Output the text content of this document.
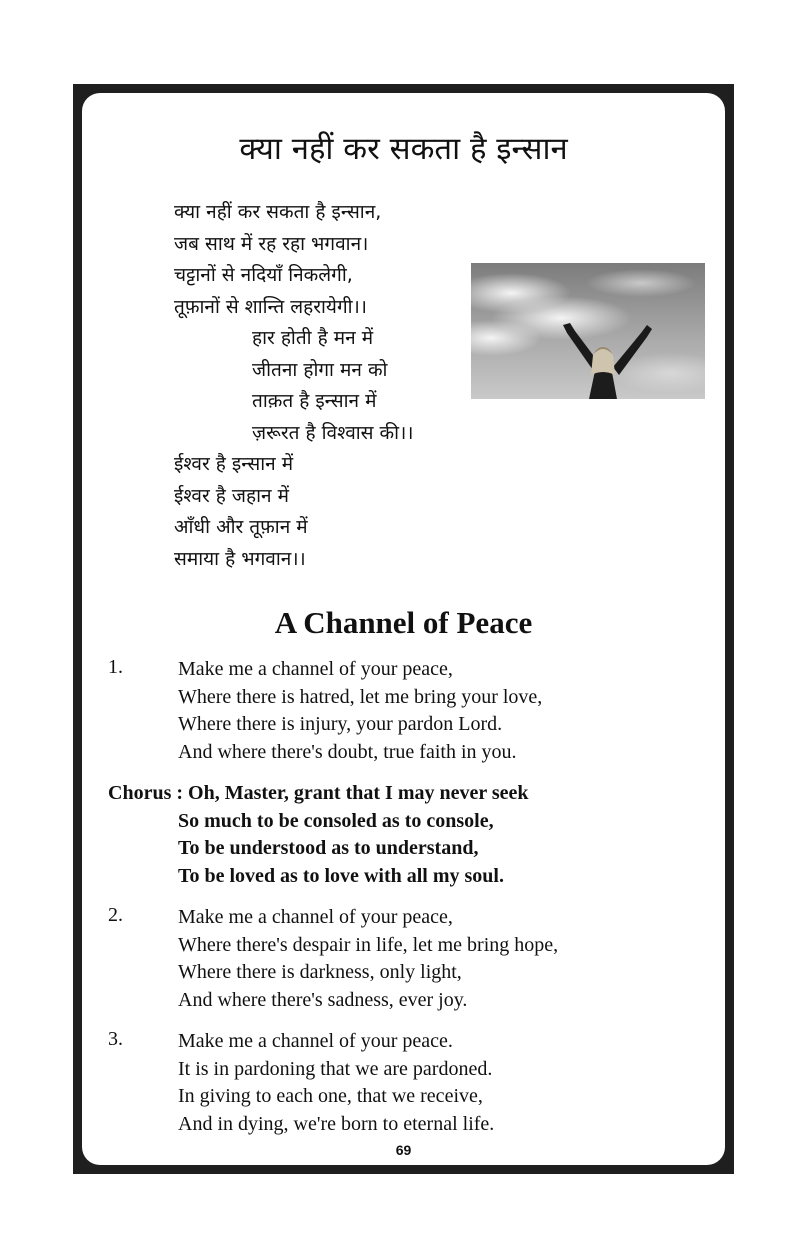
क्या नहीं कर सकता है इन्सान
क्या नहीं कर सकता है इन्सान,
जब साथ में रह रहा भगवान।
चट्टानों से नदियाँ निकलेगी,
तूफ़ानों से शान्ति लहरायेगी।।
हार होती है मन में
जीतना होगा मन को
ताक़त है इन्सान में
ज़रूरत है विश्वास की।।
ईश्वर है इन्सान में
ईश्वर है जहान में
आँधी और तूफ़ान में
समाया है भगवान।।
A Channel of Peace
1.	Make me a channel of your peace,
Where there is hatred, let me bring your love,
Where there is injury, your pardon Lord.
And where there's doubt, true faith in you.
Chorus : Oh, Master, grant that I may never seek
So much to be consoled as to console,
To be understood as to understand,
To be loved as to love with all my soul.
2.	Make me a channel of your peace,
Where there's despair in life, let me bring hope,
Where there is darkness, only light,
And where there's sadness, ever joy.
3.	Make me a channel of your peace.
It is in pardoning that we are pardoned.
In giving to each one, that we receive,
And in dying, we're born to eternal life.
69
